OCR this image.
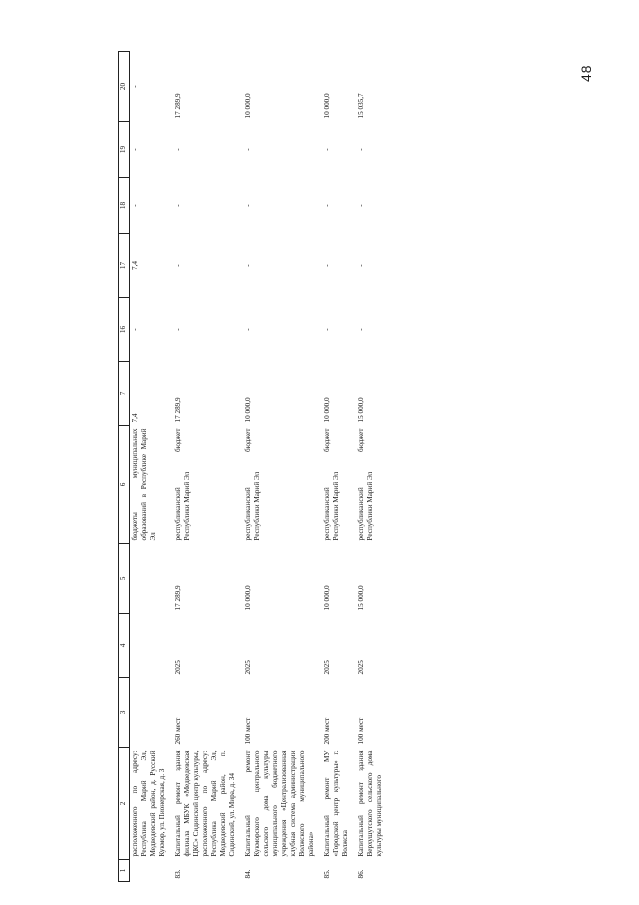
48
1	2	3	4	5	6	7	16	17	18	19	20
	расположенного по адресу: Республика Марий Эл, Медведевский район, д. Русский Кукмор, ул. Пионерская, д. 3				бюджеты муниципальных образований в Республике Марий Эл	7,4	-	7,4	-	-	-
83.	Капитальный ремонт здания филиала МБУК «Медведевская ЦКС» Сидинский центр культуры, расположенного по адресу: Республика Марий Эл, Медведевский район, п. Сидинский, ул. Мира, д. 34	260 мест	2025	17 289,9	республиканский бюджет Республики Марий Эл	17 289,9	-	-	-	-	17 289,9
84.	Капитальный ремонт Кукморского центрального сельского дома культуры муниципального бюджетного учреждения «Централизованная клубная система администрации Волжского муниципального района»	100 мест	2025	10 000,0	республиканский бюджет Республики Марий Эл	10 000,0	-	-	-	-	10 000,0
85.	Капитальный ремонт МУ «Городской центр культуры» г. Волжска	200 мест	2025	10 000,0	республиканский бюджет Республики Марий Эл	10 000,0	-	-	-	-	10 000,0
86.	Капитальный ремонт здания Верхушутского сельского дома культуры муниципального	100 мест	2025	15 000,0	республиканский бюджет Республики Марий Эл	15 000,0	-	-	-	-	15 035,7
